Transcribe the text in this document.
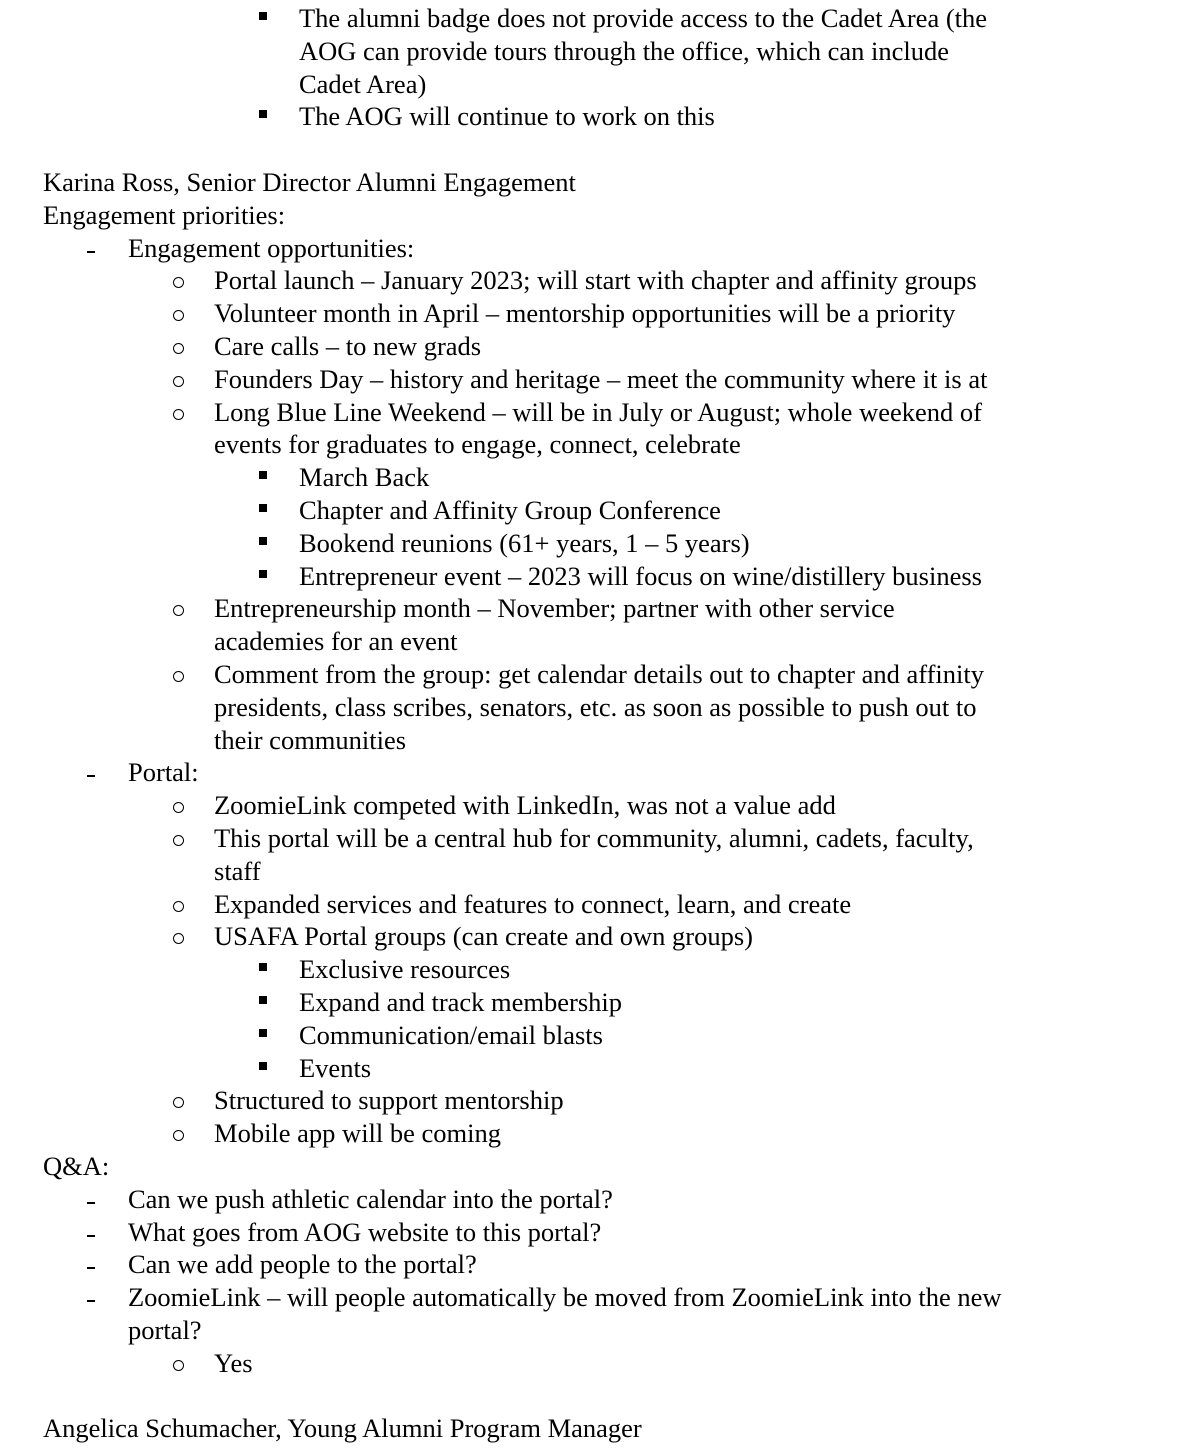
The alumni badge does not provide access to the Cadet Area (the
AOG can provide tours through the office, which can include
Cadet Area)
The AOG will continue to work on this
Karina Ross, Senior Director Alumni Engagement
Engagement priorities:
Engagement opportunities:
Portal launch – January 2023; will start with chapter and affinity groups
Volunteer month in April – mentorship opportunities will be a priority
Care calls – to new grads
Founders Day – history and heritage – meet the community where it is at
Long Blue Line Weekend – will be in July or August; whole weekend of
events for graduates to engage, connect, celebrate
March Back
Chapter and Affinity Group Conference
Bookend reunions (61+ years, 1 – 5 years)
Entrepreneur event – 2023 will focus on wine/distillery business
Entrepreneurship month – November; partner with other service
academies for an event
Comment from the group: get calendar details out to chapter and affinity
presidents, class scribes, senators, etc. as soon as possible to push out to
their communities
Portal:
ZoomieLink competed with LinkedIn, was not a value add
This portal will be a central hub for community, alumni, cadets, faculty,
staff
Expanded services and features to connect, learn, and create
USAFA Portal groups (can create and own groups)
Exclusive resources
Expand and track membership
Communication/email blasts
Events
Structured to support mentorship
Mobile app will be coming
Q&A:
Can we push athletic calendar into the portal?
What goes from AOG website to this portal?
Can we add people to the portal?
ZoomieLink – will people automatically be moved from ZoomieLink into the new
portal?
Yes
Angelica Schumacher, Young Alumni Program Manager
